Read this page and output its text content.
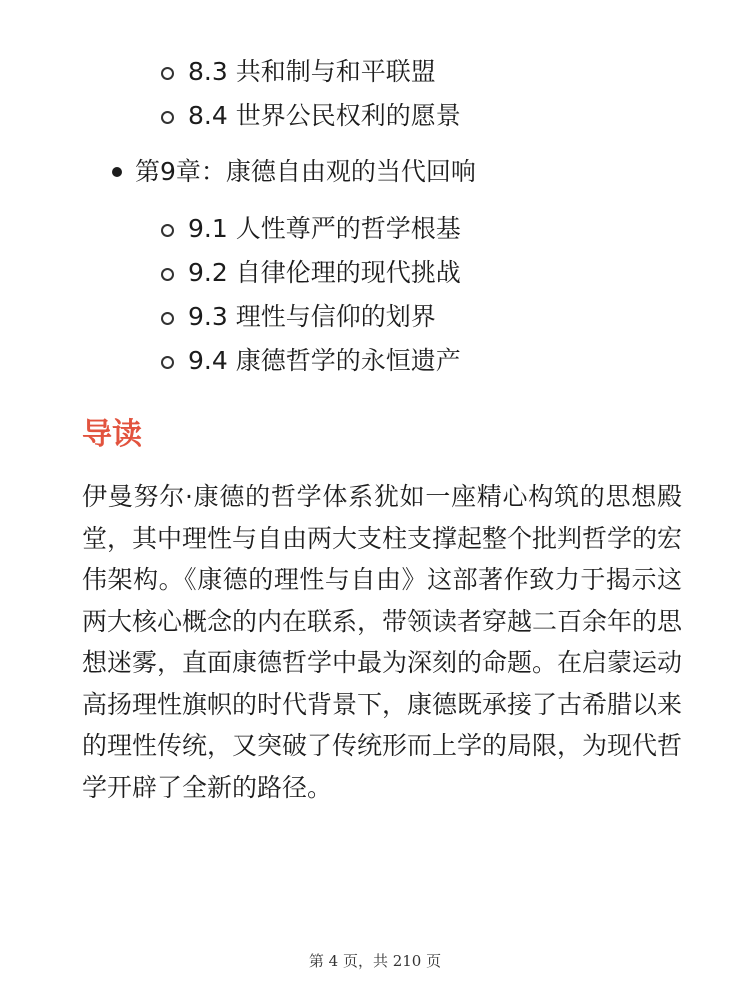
8.3 共和制与和平联盟
8.4 世界公民权利的愿景
第9章：康德自由观的当代回响
9.1 人性尊严的哲学根基
9.2 自律伦理的现代挑战
9.3 理性与信仰的划界
9.4 康德哲学的永恒遗产
导读

伊曼努尔·康德的哲学体系犹如一座精心构筑的思想殿堂，其中理性与自由两大支柱支撑起整个批判哲学的宏伟架构。《康德的理性与自由》这部著作致力于揭示这两大核心概念的内在联系，带领读者穿越二百余年的思想迷雾，直面康德哲学中最为深刻的命题。在启蒙运动高扬理性旗帜的时代背景下，康德既承接了古希腊以来的理性传统，又突破了传统形而上学的局限，为现代哲学开辟了全新的路径。

第 4 页，共 210 页
